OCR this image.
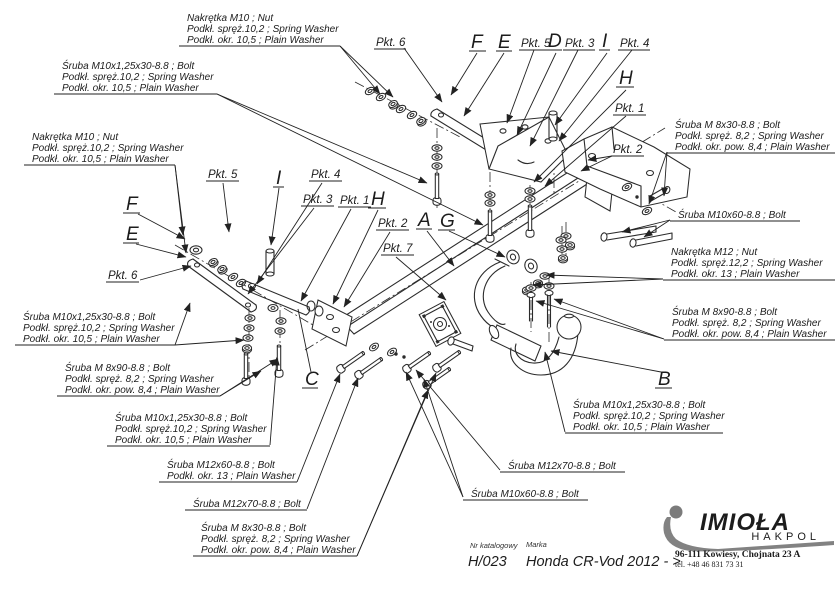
Nakrętka M10 ; Nut
Podkł. spręż.10,2 ; Spring Washer
Podkł. okr. 10,5 ; Plain Washer
Śruba M10x1,25x30-8.8 ; Bolt
Podkł. spręż.10,2 ; Spring Washer
Podkł. okr. 10,5 ; Plain Washer
Nakrętka M10 ; Nut
Podkł. spręż.10,2 ; Spring Washer
Podkł. okr. 10,5 ; Plain Washer
Śruba M10x1,25x30-8.8 ; Bolt
Podkł. spręż.10,2 ; Spring Washer
Podkł. okr. 10,5 ; Plain Washer
Śruba M 8x90-8.8 ; Bolt
Podkł. spręż. 8,2 ; Spring Washer
Podkł. okr. pow. 8,4 ; Plain Washer
Śruba M10x1,25x30-8.8 ; Bolt
Podkł. spręż.10,2 ; Spring Washer
Podkł. okr. 10,5 ; Plain Washer
Śruba M12x60-8.8 ; Bolt
Podkł. okr. 13 ; Plain Washer
Śruba M12x70-8.8 ; Bolt
Śruba M 8x30-8.8 ; Bolt
Podkł. spręż. 8,2 ; Spring Washer
Podkł. okr. pow. 8,4 ; Plain Washer
Śruba M 8x30-8.8 ; Bolt
Podkł. spręż. 8,2 ; Spring Washer
Podkł. okr. pow. 8,4 ; Plain Washer
Śruba M10x60-8.8 ; Bolt
Nakrętka M12 ; Nut
Podkł. spręż.12,2 ; Spring Washer
Podkł. okr. 13 ; Plain Washer
Śruba M 8x90-8.8 ; Bolt
Podkł. spręż. 8,2 ; Spring Washer
Podkł. okr. pow. 8,4 ; Plain Washer
Śruba M10x1,25x30-8.8 ; Bolt
Podkł. spręż.10,2 ; Spring Washer
Podkł. okr. 10,5 ; Plain Washer
Śruba M12x70-8.8 ; Bolt
Śruba M10x60-8.8 ; Bolt
Pkt. 6	Pkt. 5 Pkt. 3 Pkt. 4
Pkt. 1
Pkt. 2
Pkt. 6
Pkt. 5	Pkt. 4
Pkt. 3 Pkt. 1
Pkt. 2
Pkt. 7
F E D I
H
F
E
I
H
A G
C	B
IMIOŁA
HAKPOL
96-111 Kowiesy, Chojnata 23 A
tel. +48 46 831 73 31
Nr katalogowy
H/023
Marka
Honda CR-V
od 2012 - >
